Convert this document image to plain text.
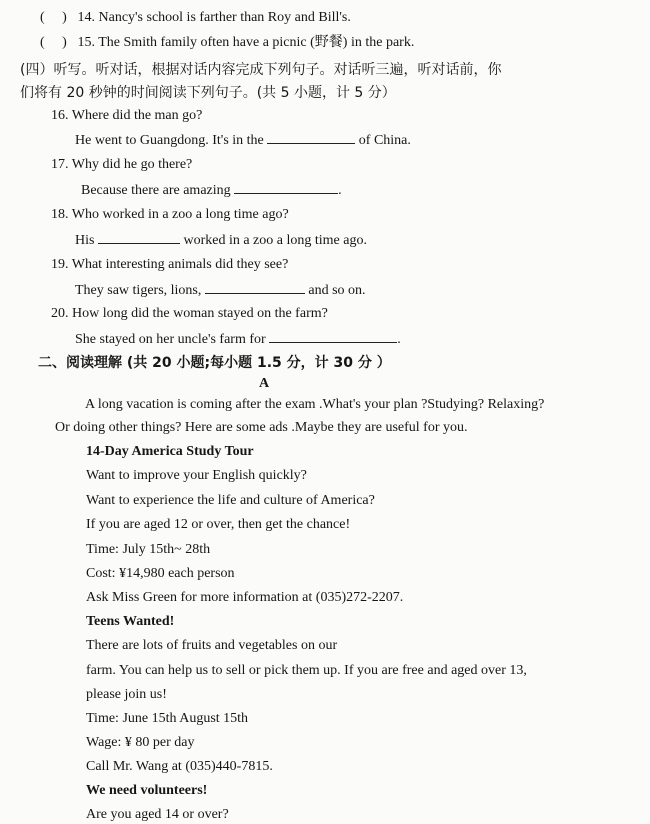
( ) 14. Nancy's school is farther than Roy and Bill's.
( ) 15. The Smith family often have a picnic (野餐) in the park.
(四）听写。听对话，根据对话内容完成下列句子。对话听三遍，听对话前，你
们将有 20 秒钟的时间阅读下列句子。(共 5 小题，计 5 分）
16. Where did the man go?
He went to Guangdong. It's in the	of China.
17. Why did he go there?
Because there are amazing	.
18. Who worked in a zoo a long time ago?
His	worked in a zoo a long time ago.
19. What interesting animals did they see?
They saw tigers, lions,	and so on.
20. How long did the woman stayed on the farm?
She stayed on her uncle's farm for	.
二、阅读理解 (共 20 小题;每小题 1.5 分，计 30 分 ）
A
A long vacation is coming after the exam .What's your plan ?Studying? Relaxing?
Or doing other things? Here are some ads .Maybe they are useful for you.
14-Day America Study Tour
Want to improve your English quickly?
Want to experience the life and culture of America?
If you are aged 12 or over, then get the chance!
Time: July 15th~ 28th
Cost: ¥14,980 each person
Ask Miss Green for more information at (035)272-2207.
Teens Wanted!
There are lots of fruits and vegetables on our
farm. You can help us to sell or pick them up. If you are free and aged over 13,
please join us!
Time: June 15th August 15th
Wage: ¥ 80 per day
Call Mr. Wang at (035)440-7815.
We need volunteers!
Are you aged 14 or over?
